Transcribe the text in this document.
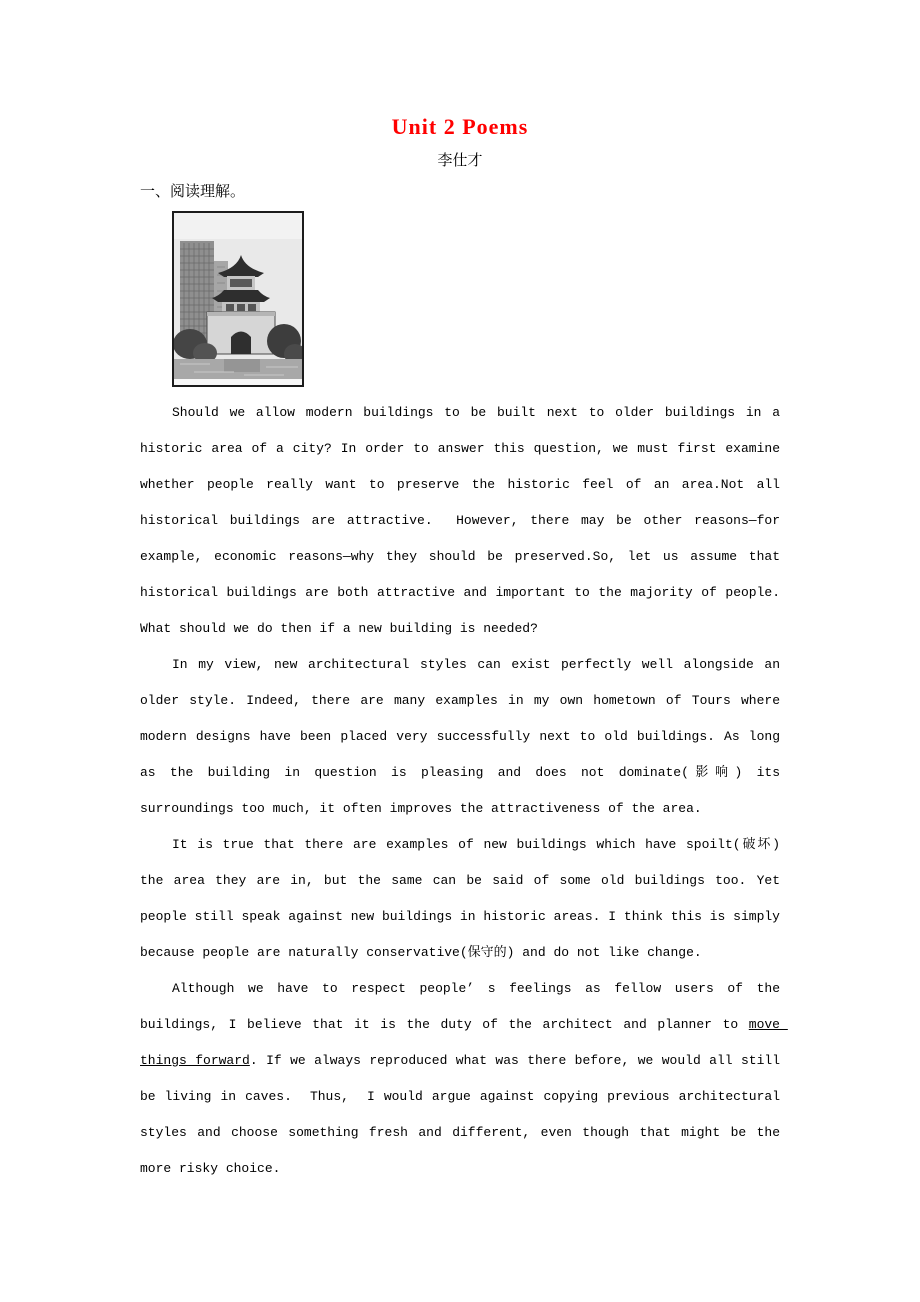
Unit 2 Poems
李仕才
一、阅读理解。

Should we allow modern buildings to be built next to older buildings in a historic area of a city? In order to answer this question, we must first examine whether people really want to preserve the historic feel of an area.Not all historical buildings are attractive.  However, there may be other reasons—for example, economic reasons—why they should be preserved.So, let us assume that historical buildings are both attractive and important to the majority of people. What should we do then if a new building is needed?

In my view, new architectural styles can exist perfectly well alongside an older style. Indeed, there are many examples in my own hometown of Tours where modern designs have been placed very successfully next to old buildings. As long as the building in question is pleasing and does not dominate(影响) its surroundings too much, it often improves the attractiveness of the area.

It is true that there are examples of new buildings which have spoilt(破坏) the area they are in, but the same can be said of some old buildings too. Yet people still speak against new buildings in historic areas. I think this is simply because people are naturally conservative(保守的) and do not like change.

Although we have to respect people’ s feelings as fellow users of the buildings, I believe that it is the duty of the architect and planner to move things forward. If we always reproduced what was there before, we would all still be living in caves.  Thus,  I would argue against copying previous architectural styles and choose something fresh and different, even though that might be the more risky choice.
